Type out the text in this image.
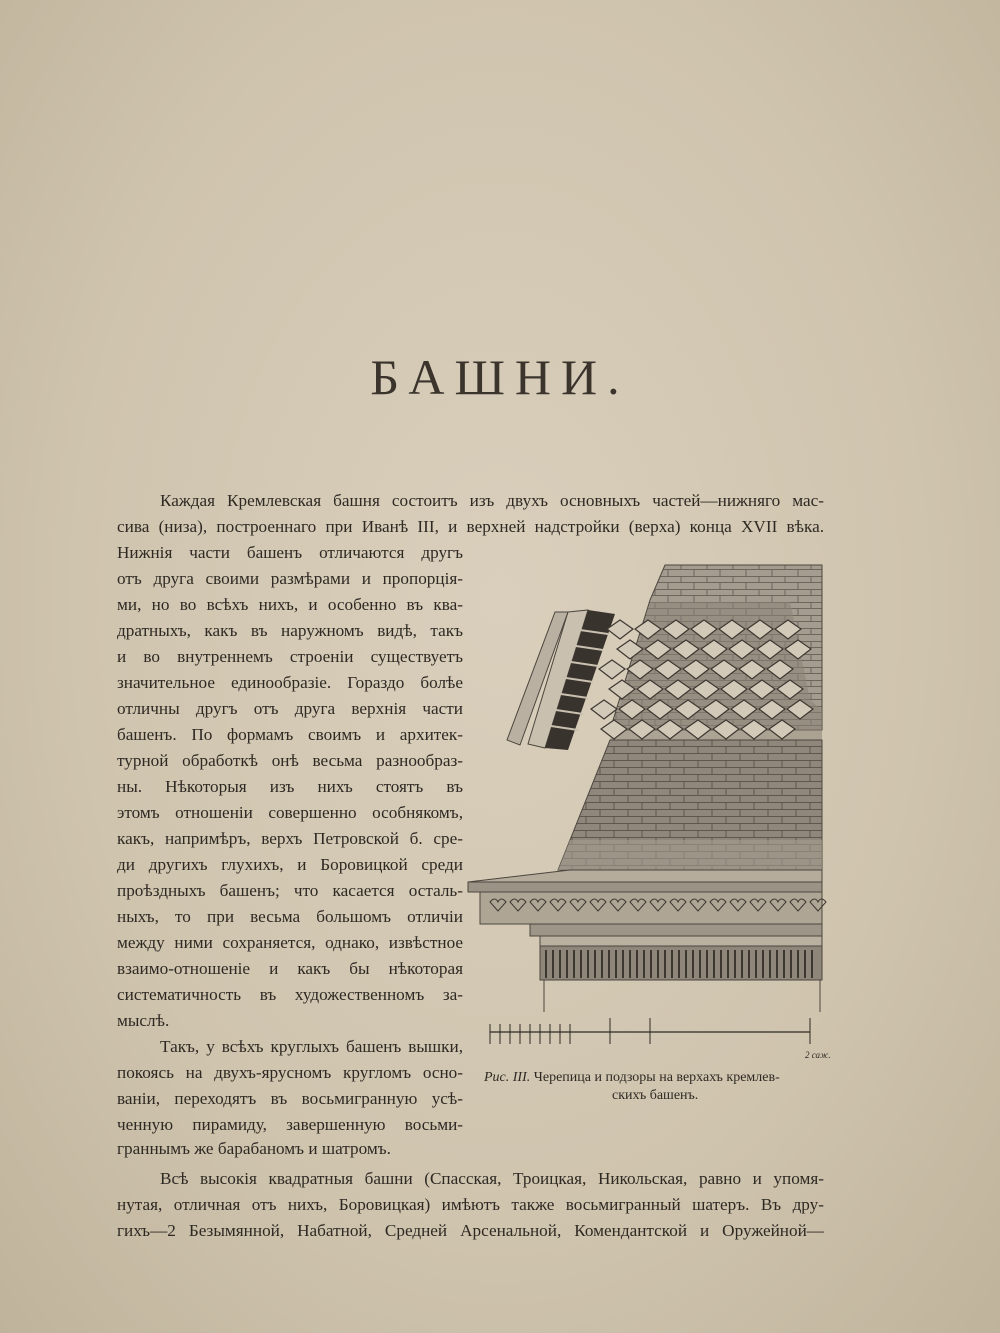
БАШНИ.
Каждая Кремлевская башня состоитъ изъ двухъ основныхъ частей—нижняго мас-
сива (низа), построеннаго при Иванѣ III, и верхней надстройки (верха) конца XVII вѣка.
Нижнія части башенъ отличаются другъ
отъ друга своими размѣрами и пропорція-
ми, но во всѣхъ нихъ, и особенно въ ква-
дратныхъ, какъ въ наружномъ видѣ, такъ
и во внутреннемъ строеніи существуетъ
значительное единообразіе. Гораздо болѣе
отличны другъ отъ друга верхнія части
башенъ. По формамъ своимъ и архитек-
турной обработкѣ онѣ весьма разнообраз-
ны. Нѣкоторыя изъ нихъ стоятъ въ
этомъ отношеніи совершенно особнякомъ,
какъ, напримѣръ, верхъ Петровской б. сре-
ди другихъ глухихъ, и Боровицкой среди
проѣздныхъ башенъ; что касается осталь-
ныхъ, то при весьма большомъ отличіи
между ними сохраняется, однако, извѣстное
взаимо-отношеніе и какъ бы нѣкоторая
систематичность въ художественномъ за-
мыслѣ.
Такъ, у всѣхъ круглыхъ башенъ вышки,
покоясь на двухъ-ярусномъ кругломъ осно-
ваніи, переходятъ въ восьмигранную усѣ-
ченную пирамиду, завершенную восьми-
граннымъ же барабаномъ и шатромъ.
Всѣ высокія квадратныя башни (Спасская, Троицкая, Никольская, равно и упомя-
нутая, отличная отъ нихъ, Боровицкая) имѣютъ также восьмигранный шатеръ. Въ дру-
гихъ—2 Безымянной, Набатной, Средней Арсенальной, Комендантской и Оружейной—
2 саж.
Рис. III. Черепица и подзоры на верхахъ кремлев-
скихъ башенъ.
